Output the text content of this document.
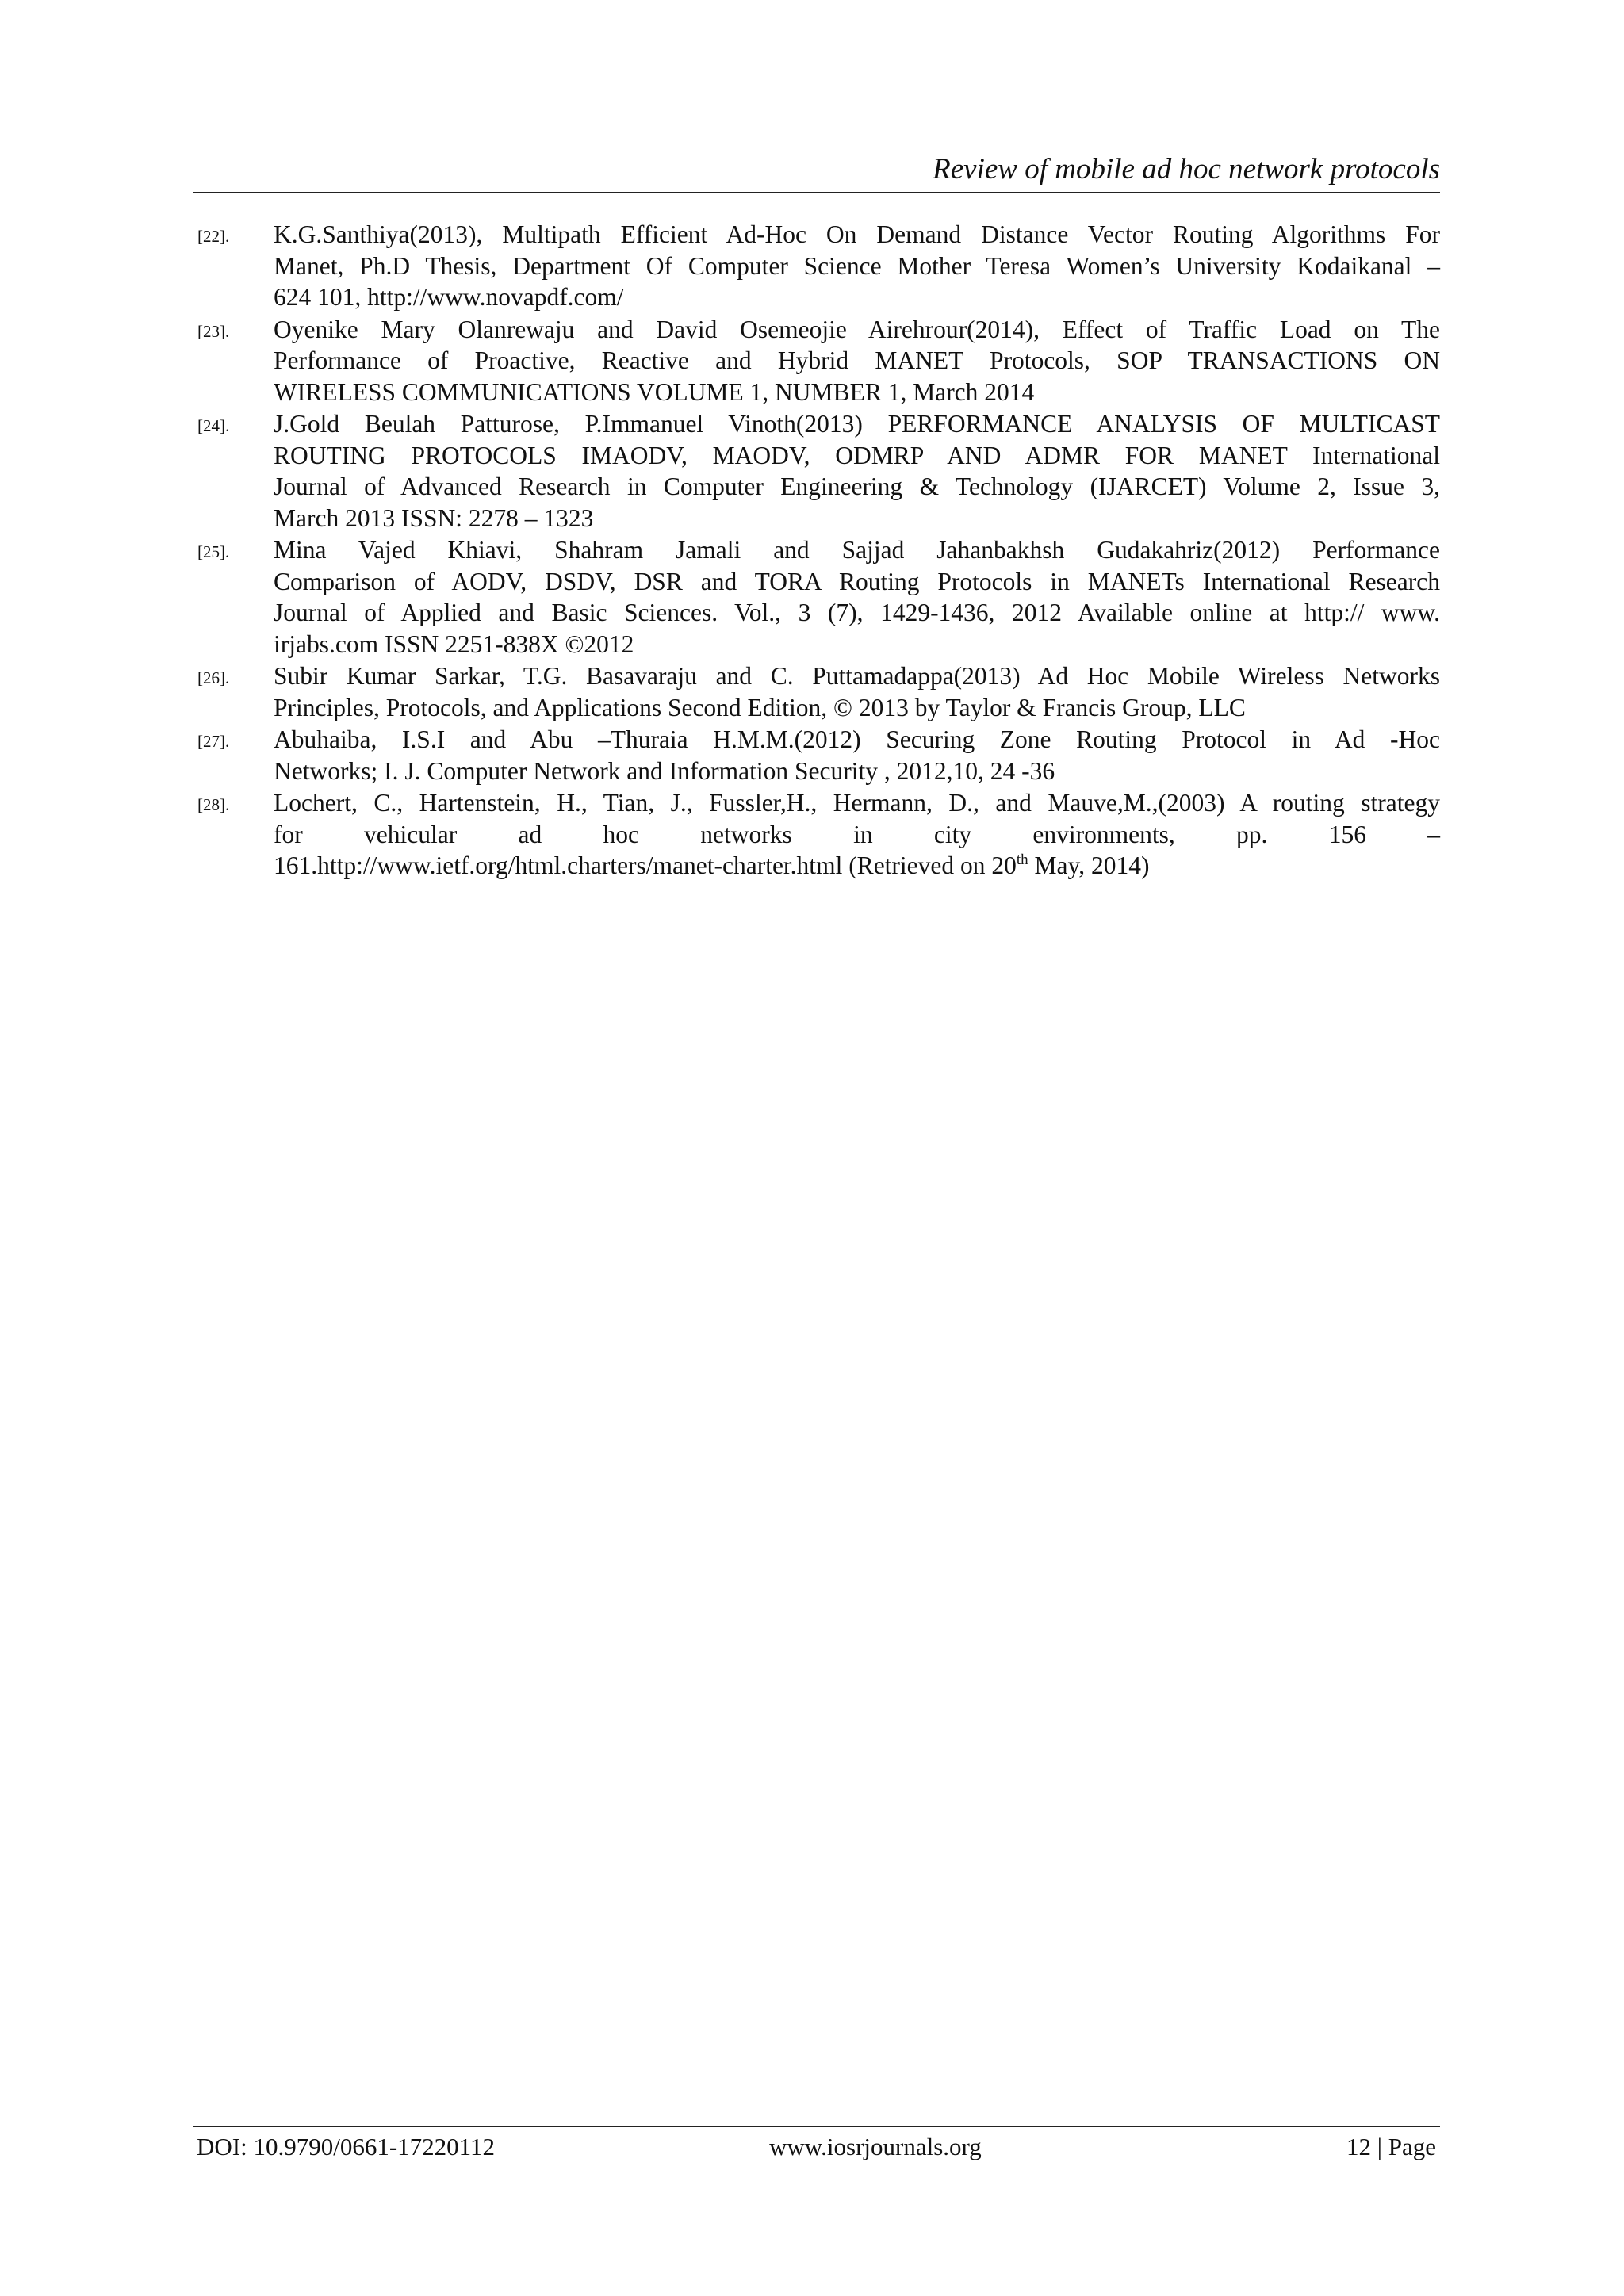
Review of mobile ad hoc network protocols
[22]. K.G.Santhiya(2013), Multipath Efficient Ad-Hoc On Demand Distance Vector Routing Algorithms For
Manet, Ph.D Thesis, Department Of Computer Science Mother Teresa Women’s University Kodaikanal –
624 101, http://www.novapdf.com/
[23]. Oyenike Mary Olanrewaju and David Osemeojie Airehrour(2014), Effect of Traffic Load on The
Performance of Proactive, Reactive and Hybrid MANET Protocols, SOP TRANSACTIONS ON
WIRELESS COMMUNICATIONS VOLUME 1, NUMBER 1, March 2014
[24]. J.Gold Beulah Patturose, P.Immanuel Vinoth(2013) PERFORMANCE ANALYSIS OF MULTICAST
ROUTING PROTOCOLS IMAODV, MAODV, ODMRP AND ADMR FOR MANET International
Journal of Advanced Research in Computer Engineering & Technology (IJARCET) Volume 2, Issue 3,
March 2013 ISSN: 2278 – 1323
[25]. Mina Vajed Khiavi, Shahram Jamali and Sajjad Jahanbakhsh Gudakahriz(2012) Performance
Comparison of AODV, DSDV, DSR and TORA Routing Protocols in MANETs International Research
Journal of Applied and Basic Sciences. Vol., 3 (7), 1429-1436, 2012 Available online at http:// www.
irjabs.com ISSN 2251-838X ©2012
[26]. Subir Kumar Sarkar, T.G. Basavaraju and C. Puttamadappa(2013) Ad Hoc Mobile Wireless Networks
Principles, Protocols, and Applications Second Edition, © 2013 by Taylor & Francis Group, LLC
[27]. Abuhaiba, I.S.I and Abu –Thuraia H.M.M.(2012) Securing Zone Routing Protocol in Ad -Hoc
Networks; I. J. Computer Network and Information Security , 2012,10, 24 -36
[28]. Lochert, C., Hartenstein, H., Tian, J., Fussler,H., Hermann, D., and Mauve,M.,(2003) A routing strategy
for vehicular ad hoc networks in city environments, pp. 156 –
161.http://www.ietf.org/html.charters/manet-charter.html (Retrieved on 20th May, 2014)
DOI: 10.9790/0661-17220112	www.iosrjournals.org	12 | Page
